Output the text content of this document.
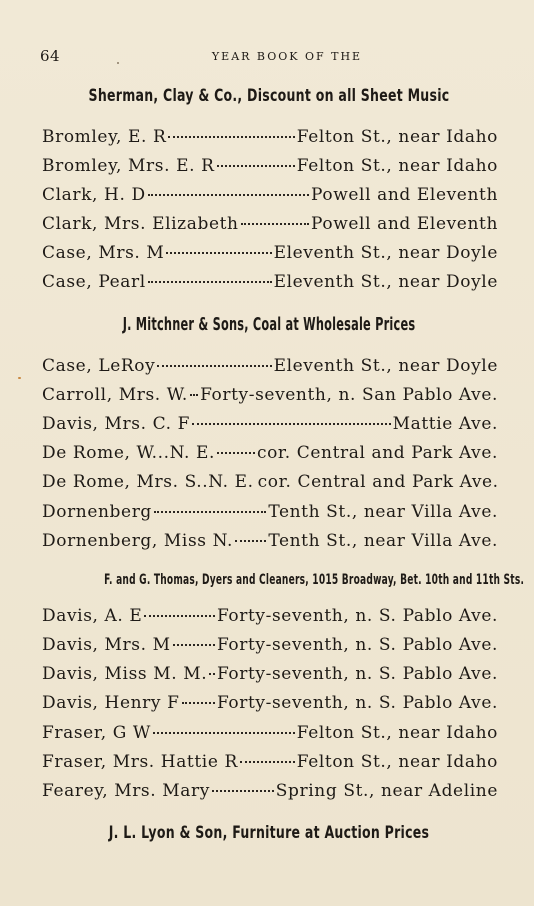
64	YEAR BOOK OF THE
Sherman, Clay & Co., Discount on all Sheet Music
Bromley, E. R	Felton St., near Idaho
Bromley, Mrs. E. R	Felton St., near Idaho
Clark, H. D	Powell and Eleventh
Clark, Mrs. Elizabeth	Powell and Eleventh
Case, Mrs. M	Eleventh St., near Doyle
Case, Pearl	Eleventh St., near Doyle
J. Mitchner & Sons, Coal at Wholesale Prices
Case, LeRoy	Eleventh St., near Doyle
Carroll, Mrs. W. Forty-seventh, n. San Pablo Ave.
Davis, Mrs. C. F	Mattie Ave.
De Rome, W...N. E. cor. Central and Park Ave.
De Rome, Mrs. S..N. E. cor. Central and Park Ave.
Dornenberg	Tenth St., near Villa Ave.
Dornenberg, Miss N. Tenth St., near Villa Ave.
F. and G. Thomas, Dyers and Cleaners, 1015 Broadway, Bet. 10th and 11th Sts.
Davis, A. E	Forty-seventh, n. S. Pablo Ave.
Davis, Mrs. M	Forty-seventh, n. S. Pablo Ave.
Davis, Miss M. M. Forty-seventh, n. S. Pablo Ave.
Davis, Henry F Forty-seventh, n. S. Pablo Ave.
Fraser, G W	Felton St., near Idaho
Fraser, Mrs. Hattie R	Felton St., near Idaho
Fearey, Mrs. Mary	Spring St., near Adeline
J. L. Lyon & Son, Furniture at Auction Prices
